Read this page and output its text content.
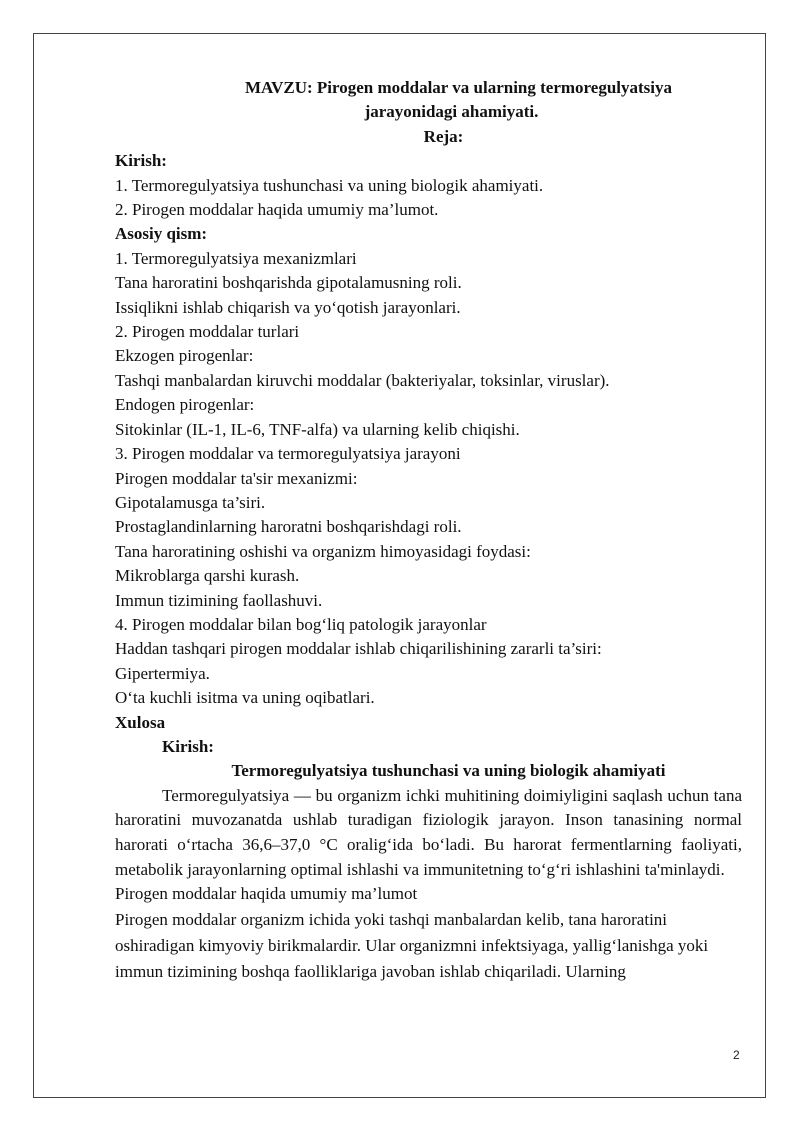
MAVZU: Pirogen moddalar va ularning termoregulyatsiya
jarayonidagi ahamiyati.
Reja:
Kirish:
1. Termoregulyatsiya tushunchasi va uning biologik ahamiyati.
2. Pirogen moddalar haqida umumiy ma’lumot.
Asosiy qism:
1. Termoregulyatsiya mexanizmlari
Tana haroratini boshqarishda gipotalamusning roli.
Issiqlikni ishlab chiqarish va yo‘qotish jarayonlari.
2. Pirogen moddalar turlari
Ekzogen pirogenlar:
Tashqi manbalardan kiruvchi moddalar (bakteriyalar, toksinlar, viruslar).
Endogen pirogenlar:
Sitokinlar (IL-1, IL-6, TNF-alfa) va ularning kelib chiqishi.
3. Pirogen moddalar va termoregulyatsiya jarayoni
Pirogen moddalar ta'sir mexanizmi:
Gipotalamusga ta’siri.
Prostaglandinlarning haroratni boshqarishdagi roli.
Tana haroratining oshishi va organizm himoyasidagi foydasi:
Mikroblarga qarshi kurash.
Immun tizimining faollashuvi.
4. Pirogen moddalar bilan bog‘liq patologik jarayonlar
Haddan tashqari pirogen moddalar ishlab chiqarilishining zararli ta’siri:
Gipertermiya.
O‘ta kuchli isitma va uning oqibatlari.
Xulosa
Kirish:
Termoregulyatsiya tushunchasi va uning biologik ahamiyati
Termoregulyatsiya — bu organizm ichki muhitining doimiyligini saqlash uchun tana haroratini muvozanatda ushlab turadigan fiziologik jarayon. Inson tanasining normal harorati o‘rtacha 36,6–37,0 °C oralig‘ida bo‘ladi. Bu harorat fermentlarning faoliyati, metabolik jarayonlarning optimal ishlashi va immunitetning to‘g‘ri ishlashini ta'minlaydi.
Pirogen moddalar haqida umumiy ma’lumot
Pirogen moddalar organizm ichida yoki tashqi manbalardan kelib, tana haroratini oshiradigan kimyoviy birikmalardir. Ular organizmni infektsiyaga, yallig‘lanishga yoki immun tizimining boshqa faolliklariga javoban ishlab chiqariladi. Ularning
2
